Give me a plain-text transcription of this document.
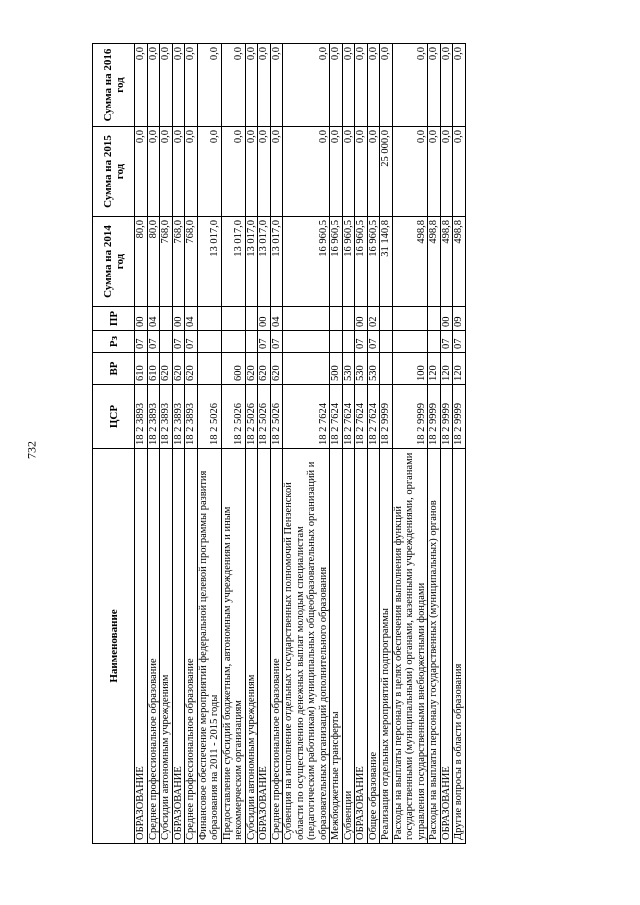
732
Наименование	ЦСР	ВР	Рз	ПР	Сумма на 2014 год	Сумма на 2015 год	Сумма на 2016 год
ОБРАЗОВАНИЕ	18 2 3893	610	07	00	80,0	0,0	0,0
Среднее профессиональное образование	18 2 3893	610	07	04	80,0	0,0	0,0
Субсидии автономным учреждениям	18 2 3893	620			768,0	0,0	0,0
ОБРАЗОВАНИЕ	18 2 3893	620	07	00	768,0	0,0	0,0
Среднее профессиональное образование	18 2 3893	620	07	04	768,0	0,0	0,0
Финансовое обеспечение мероприятий федеральной целевой программы развития образования на 2011 - 2015 годы	18 2 5026				13 017,0	0,0	0,0
Предоставление субсидий бюджетным, автономным учреждениям и иным некоммерческим организациям	18 2 5026	600			13 017,0	0,0	0,0
Субсидии автономным учреждениям	18 2 5026	620			13 017,0	0,0	0,0
ОБРАЗОВАНИЕ	18 2 5026	620	07	00	13 017,0	0,0	0,0
Среднее профессиональное образование	18 2 5026	620	07	04	13 017,0	0,0	0,0
Субвенция на исполнение отдельных государственных полномочий Пензенской области по осуществлению денежных выплат молодым специалистам (педагогическим работникам) муниципальных общеобразовательных организаций и образовательных организаций дополнительного образования	18 2 7624				16 960,5	0,0	0,0
Межбюджетные трансферты	18 2 7624	500			16 960,5	0,0	0,0
Субвенции	18 2 7624	530			16 960,5	0,0	0,0
ОБРАЗОВАНИЕ	18 2 7624	530	07	00	16 960,5	0,0	0,0
Общее образование	18 2 7624	530	07	02	16 960,5	0,0	0,0
Реализация отдельных мероприятий подпрограммы	18 2 9999				31 140,8	25 000,0	0,0
Расходы на выплаты персоналу в целях обеспечения выполнения функций государственными (муниципальными) органами, казенными учреждениями, органами управления государственными внебюджетными фондами	18 2 9999	100			498,8	0,0	0,0
Расходы на выплаты персоналу государственных (муниципальных) органов	18 2 9999	120			498,8	0,0	0,0
ОБРАЗОВАНИЕ	18 2 9999	120	07	00	498,8	0,0	0,0
Другие вопросы в области образования	18 2 9999	120	07	09	498,8	0,0	0,0
